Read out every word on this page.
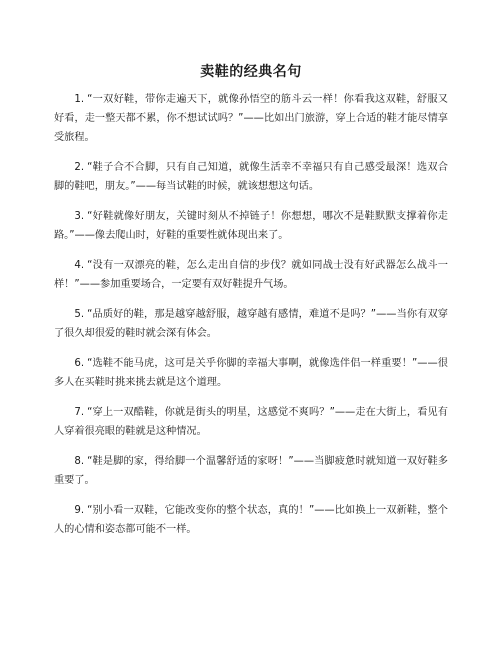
卖鞋的经典名句

1. “一双好鞋，带你走遍天下，就像孙悟空的筋斗云一样！你看我这双鞋，舒服又好看，走一整天都不累，你不想试试吗？”——比如出门旅游，穿上合适的鞋才能尽情享受旅程。

2. “鞋子合不合脚，只有自己知道，就像生活幸不幸福只有自己感受最深！选双合脚的鞋吧，朋友。”——每当试鞋的时候，就该想想这句话。

3. “好鞋就像好朋友，关键时刻从不掉链子！你想想，哪次不是鞋默默支撑着你走路。”——像去爬山时，好鞋的重要性就体现出来了。

4. “没有一双漂亮的鞋，怎么走出自信的步伐？就如同战士没有好武器怎么战斗一样！”——参加重要场合，一定要有双好鞋提升气场。

5. “品质好的鞋，那是越穿越舒服，越穿越有感情，难道不是吗？”——当你有双穿了很久却很爱的鞋时就会深有体会。

6. “选鞋不能马虎，这可是关乎你脚的幸福大事啊，就像选伴侣一样重要！”——很多人在买鞋时挑来挑去就是这个道理。

7. “穿上一双酷鞋，你就是街头的明星，这感觉不爽吗？”——走在大街上，看见有人穿着很亮眼的鞋就是这种情况。

8. “鞋是脚的家，得给脚一个温馨舒适的家呀！”——当脚疲惫时就知道一双好鞋多重要了。

9. “别小看一双鞋，它能改变你的整个状态，真的！”——比如换上一双新鞋，整个人的心情和姿态都可能不一样。
